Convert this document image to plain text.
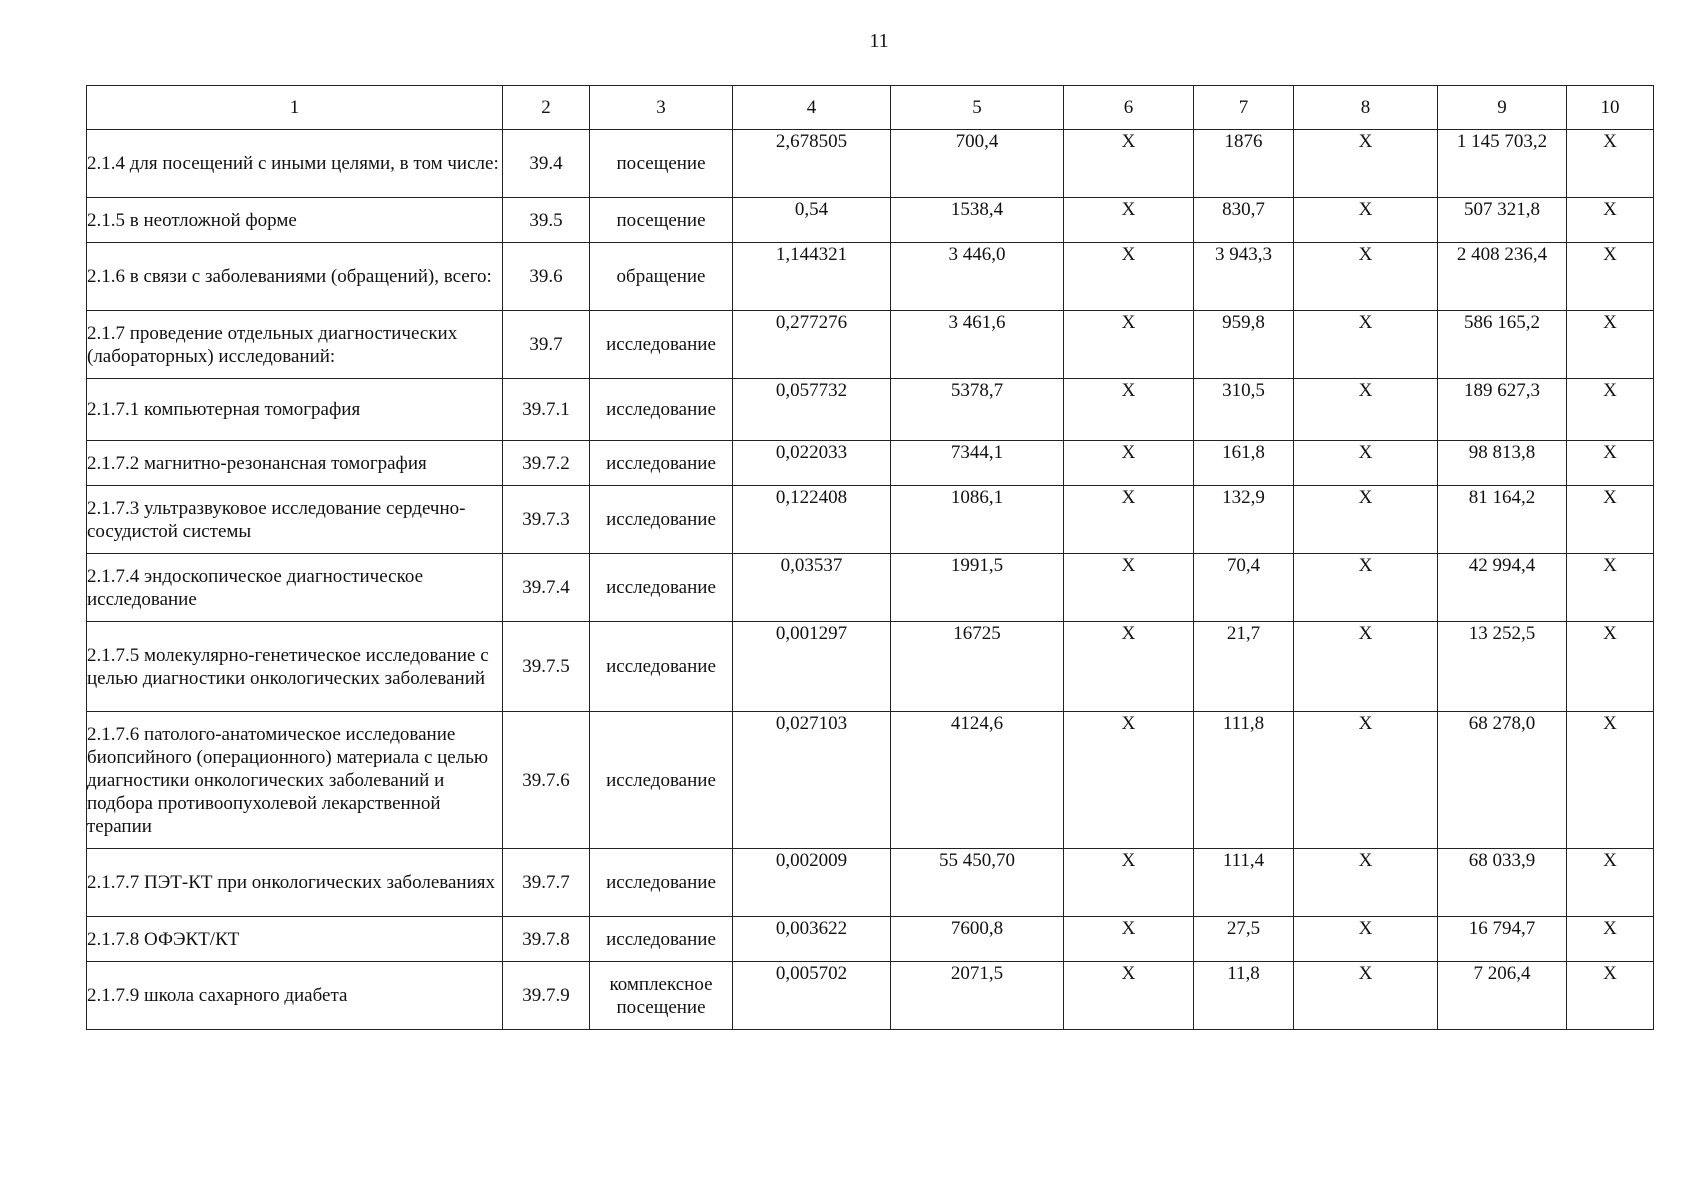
11
1	2	3	4	5	6	7	8	9	10
2.1.4 для посещений с иными целями, в том числе:	39.4	посещение	2,678505	700,4	X	1876	X	1 145 703,2	X
2.1.5 в неотложной форме	39.5	посещение	0,54	1538,4	X	830,7	X	507 321,8	X
2.1.6 в связи с заболеваниями (обращений), всего:	39.6	обращение	1,144321	3 446,0	X	3 943,3	X	2 408 236,4	X
2.1.7 проведение отдельных диагностических (лабораторных) исследований:	39.7	исследование	0,277276	3 461,6	X	959,8	X	586 165,2	X
2.1.7.1 компьютерная томография	39.7.1	исследование	0,057732	5378,7	X	310,5	X	189 627,3	X
2.1.7.2 магнитно-резонансная томография	39.7.2	исследование	0,022033	7344,1	X	161,8	X	98 813,8	X
2.1.7.3 ультразвуковое исследование сердечно-сосудистой системы	39.7.3	исследование	0,122408	1086,1	X	132,9	X	81 164,2	X
2.1.7.4 эндоскопическое диагностическое исследование	39.7.4	исследование	0,03537	1991,5	X	70,4	X	42 994,4	X
2.1.7.5 молекулярно-генетическое исследование с целью диагностики онкологических заболеваний	39.7.5	исследование	0,001297	16725	X	21,7	X	13 252,5	X
2.1.7.6 патолого-анатомическое исследование биопсийного (операционного) материала с целью диагностики онкологических заболеваний и подбора противоопухолевой лекарственной терапии	39.7.6	исследование	0,027103	4124,6	X	111,8	X	68 278,0	X
2.1.7.7 ПЭТ-КТ при онкологических заболеваниях	39.7.7	исследование	0,002009	55 450,70	X	111,4	X	68 033,9	X
2.1.7.8 ОФЭКТ/КТ	39.7.8	исследование	0,003622	7600,8	X	27,5	X	16 794,7	X
2.1.7.9 школа сахарного диабета	39.7.9	комплексное посещение	0,005702	2071,5	X	11,8	X	7 206,4	X
